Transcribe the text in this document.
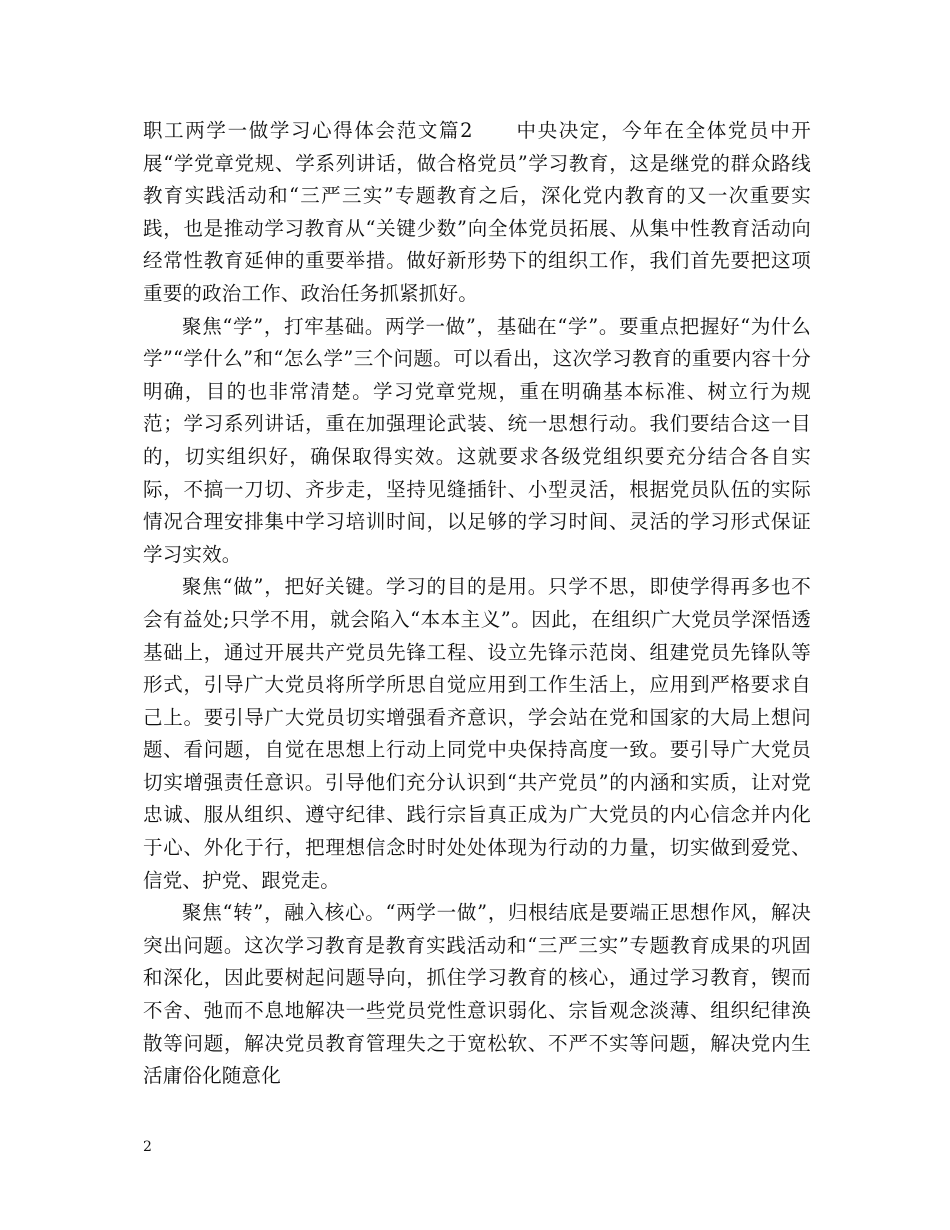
职工两学一做学习心得体会范文篇2　　中央决定，今年在全体党员中开展“学党章党规、学系列讲话，做合格党员”学习教育，这是继党的群众路线教育实践活动和“三严三实”专题教育之后，深化党内教育的又一次重要实践，也是推动学习教育从“关键少数”向全体党员拓展、从集中性教育活动向经常性教育延伸的重要举措。做好新形势下的组织工作，我们首先要把这项重要的政治工作、政治任务抓紧抓好。

聚焦“学”，打牢基础。两学一做”，基础在“学”。要重点把握好“为什么学”“学什么”和“怎么学”三个问题。可以看出，这次学习教育的重要内容十分明确，目的也非常清楚。学习党章党规，重在明确基本标准、树立行为规范；学习系列讲话，重在加强理论武装、统一思想行动。我们要结合这一目的，切实组织好，确保取得实效。这就要求各级党组织要充分结合各自实际，不搞一刀切、齐步走，坚持见缝插针、小型灵活，根据党员队伍的实际情况合理安排集中学习培训时间，以足够的学习时间、灵活的学习形式保证学习实效。

聚焦“做”，把好关键。学习的目的是用。只学不思，即使学得再多也不会有益处;只学不用，就会陷入“本本主义”。因此，在组织广大党员学深悟透基础上，通过开展共产党员先锋工程、设立先锋示范岗、组建党员先锋队等形式，引导广大党员将所学所思自觉应用到工作生活上，应用到严格要求自己上。要引导广大党员切实增强看齐意识，学会站在党和国家的大局上想问题、看问题，自觉在思想上行动上同党中央保持高度一致。要引导广大党员切实增强责任意识。引导他们充分认识到“共产党员”的内涵和实质，让对党忠诚、服从组织、遵守纪律、践行宗旨真正成为广大党员的内心信念并内化于心、外化于行，把理想信念时时处处体现为行动的力量，切实做到爱党、信党、护党、跟党走。

聚焦“转”，融入核心。“两学一做”，归根结底是要端正思想作风，解决突出问题。这次学习教育是教育实践活动和“三严三实”专题教育成果的巩固和深化，因此要树起问题导向，抓住学习教育的核心，通过学习教育，锲而不舍、弛而不息地解决一些党员党性意识弱化、宗旨观念淡薄、组织纪律涣散等问题，解决党员教育管理失之于宽松软、不严不实等问题，解决党内生活庸俗化随意化

2
